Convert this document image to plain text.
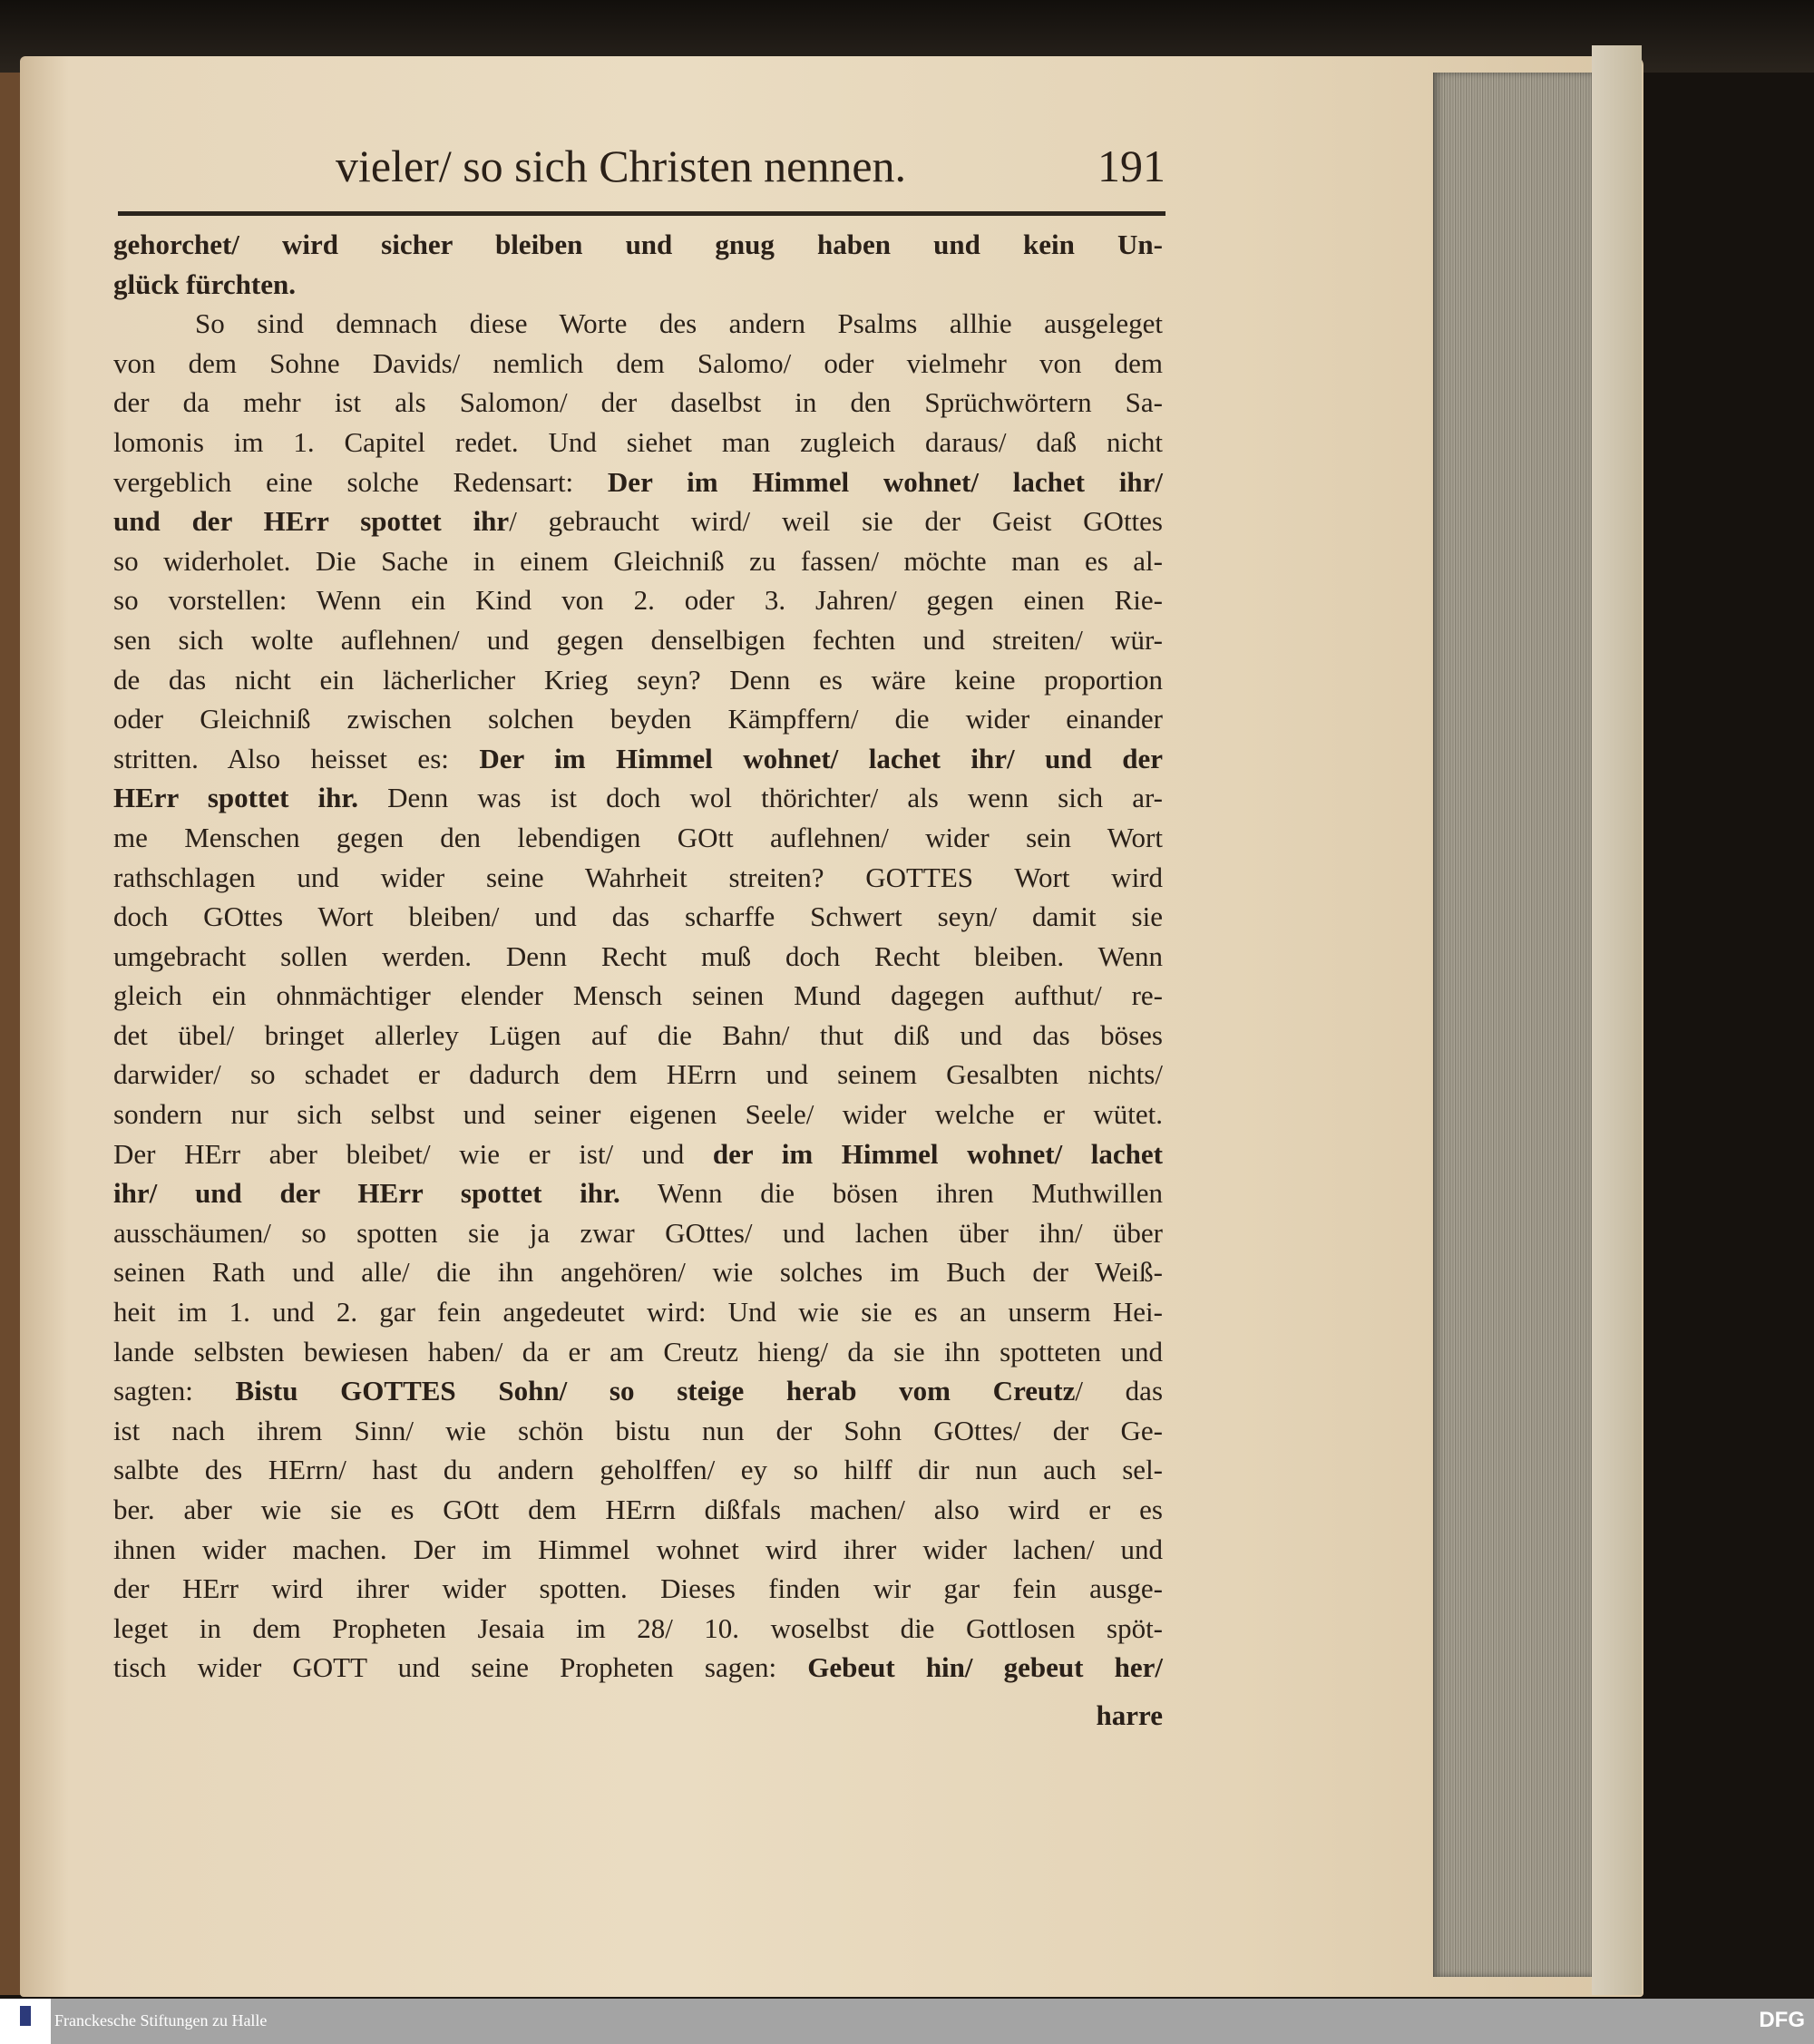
vieler/ so sich Christen nennen.	191
gehorchet/ wird sicher bleiben und gnug haben und kein Un-
glück fürchten.
So sind demnach diese Worte des andern Psalms allhie ausgeleget
von dem Sohne Davids/ nemlich dem Salomo/ oder vielmehr von dem
der da mehr ist als Salomon/ der daselbst in den Sprüchwörtern Sa-
lomonis im 1. Capitel redet. Und siehet man zugleich daraus/ daß nicht
vergeblich eine solche Redensart: Der im Himmel wohnet/ lachet ihr/
und der HErr spottet ihr/ gebraucht wird/ weil sie der Geist GOttes
so widerholet. Die Sache in einem Gleichniß zu fassen/ möchte man es al-
so vorstellen: Wenn ein Kind von 2. oder 3. Jahren/ gegen einen Rie-
sen sich wolte auflehnen/ und gegen denselbigen fechten und streiten/ wür-
de das nicht ein lächerlicher Krieg seyn? Denn es wäre keine proportion
oder Gleichniß zwischen solchen beyden Kämpffern/ die wider einander
stritten. Also heisset es: Der im Himmel wohnet/ lachet ihr/ und der
HErr spottet ihr. Denn was ist doch wol thörichter/ als wenn sich ar-
me Menschen gegen den lebendigen GOtt auflehnen/ wider sein Wort
rathschlagen und wider seine Wahrheit streiten? GOTTES Wort wird
doch GOttes Wort bleiben/ und das scharffe Schwert seyn/ damit sie
umgebracht sollen werden. Denn Recht muß doch Recht bleiben. Wenn
gleich ein ohnmächtiger elender Mensch seinen Mund dagegen aufthut/ re-
det übel/ bringet allerley Lügen auf die Bahn/ thut diß und das böses
darwider/ so schadet er dadurch dem HErrn und seinem Gesalbten nichts/
sondern nur sich selbst und seiner eigenen Seele/ wider welche er wütet.
Der HErr aber bleibet/ wie er ist/ und der im Himmel wohnet/ lachet
ihr/ und der HErr spottet ihr. Wenn die bösen ihren Muthwillen
ausschäumen/ so spotten sie ja zwar GOttes/ und lachen über ihn/ über
seinen Rath und alle/ die ihn angehören/ wie solches im Buch der Weiß-
heit im 1. und 2. gar fein angedeutet wird: Und wie sie es an unserm Hei-
lande selbsten bewiesen haben/ da er am Creutz hieng/ da sie ihn spotteten und
sagten: Bistu GOTTES Sohn/ so steige herab vom Creutz/ das
ist nach ihrem Sinn/ wie schön bistu nun der Sohn GOttes/ der Ge-
salbte des HErrn/ hast du andern geholffen/ ey so hilff dir nun auch sel-
ber. aber wie sie es GOtt dem HErrn dißfals machen/ also wird er es
ihnen wider machen. Der im Himmel wohnet wird ihrer wider lachen/ und
der HErr wird ihrer wider spotten. Dieses finden wir gar fein ausge-
leget in dem Propheten Jesaia im 28/ 10. woselbst die Gottlosen spöt-
tisch wider GOTT und seine Propheten sagen: Gebeut hin/ gebeut her/
harre
Franckesche Stiftungen zu Halle	DFG
